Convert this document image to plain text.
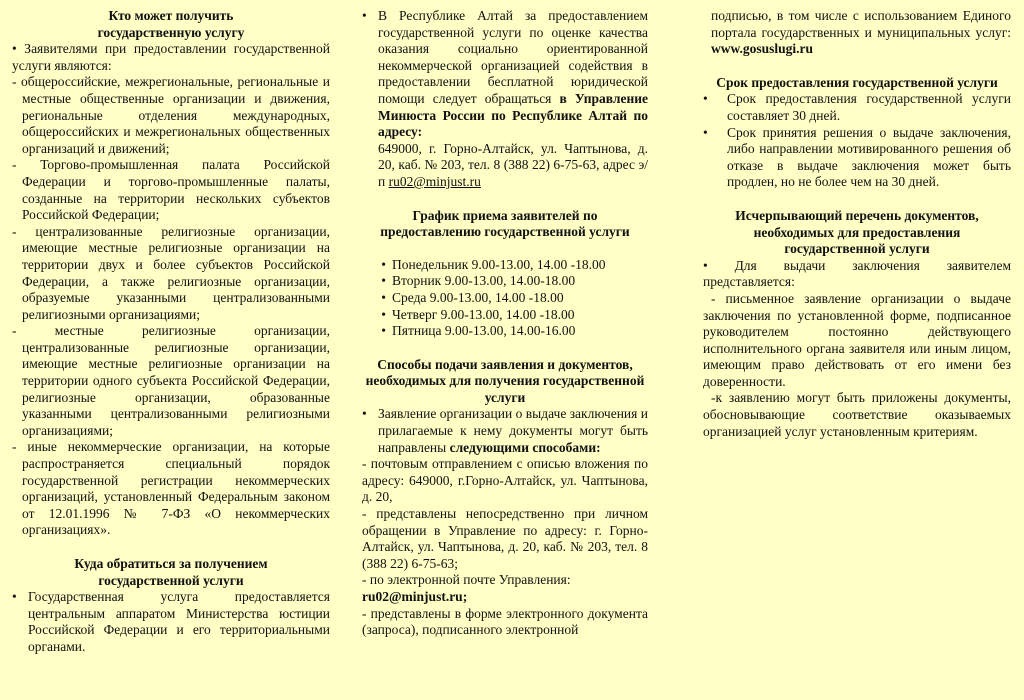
Кто может получить
государственную услугу

• Заявителями при предоставлении государственной услуги являются:

- общероссийские, межрегиональные, региональные и местные общественные организации и движения, региональные отделения международных, общероссийских и межрегиональных общественных организаций и движений;

- Торгово-промышленная палата Российской Федерации и торгово-промышленные палаты, созданные на территории нескольких субъектов Российской Федерации;

- централизованные религиозные организации, имеющие местные религиозные организации на территории двух и более субъектов Российской Федерации, а также религиозные организации, образуемые указанными централизованными религиозными организациями;

- местные религиозные организации, централизованные религиозные организации, имеющие местные религиозные организации на территории одного субъекта Российской Федерации, религиозные организации, образованные указанными централизованными религиозными организациями;

- иные некоммерческие организации, на которые распространяется специальный порядок государственной регистрации некоммерческих организаций, установленный Федеральным законом от 12.01.1996 № 7-ФЗ «О некоммерческих организациях».

Куда обратиться за получением государственной услуги

• Государственная услуга предоставляется центральным аппаратом Министерства юстиции Российской Федерации и его территориальными органами.
• В Республике Алтай за предоставлением государственной услуги по оценке качества оказания социально ориентированной некоммерческой организацией содействия в предоставлении бесплатной юридической помощи следует обращаться в Управление Минюста России по Республике Алтай по адресу:

649000, г. Горно-Алтайск, ул. Чаптынова, д. 20, каб. № 203, тел. 8 (388 22) 6-75-63, адрес э/п ru02@minjust.ru

График приема заявителей по предоставлению государственной услуги

• Понедельник 9.00-13.00, 14.00 -18.00
• Вторник 9.00-13.00, 14.00-18.00
• Среда 9.00-13.00, 14.00 -18.00
• Четверг 9.00-13.00, 14.00 -18.00
• Пятница 9.00-13.00, 14.00-16.00

Способы подачи заявления и документов, необходимых для получения государственной услуги

• Заявление организации о выдаче заключения и прилагаемые к нему документы могут быть направлены следующими способами:

- почтовым отправлением с описью вложения по адресу: 649000, г.Горно-Алтайск, ул. Чаптынова, д. 20,

- представлены непосредственно при личном обращении в Управление по адресу: г. Горно-Алтайск, ул. Чаптынова, д. 20, каб. № 203, тел. 8 (388 22) 6-75-63;

- по электронной почте Управления:

ru02@minjust.ru;

- представлены в форме электронного документа (запроса), подписанного электронной

подписью, в том числе с использованием Единого портала государственных и муниципальных услуг: www.gosuslugi.ru

Срок предоставления государственной услуги

•	Срок предоставления государственной услуги составляет 30 дней.
•	Срок принятия решения о выдаче заключения, либо направлении мотивированного решения об отказе в выдаче заключения может быть продлен, но не более чем на 30 дней.

Исчерпывающий перечень документов, необходимых для предоставления государственной услуги

• Для выдачи заключения заявителем представляется:

- письменное заявление организации о выдаче заключения по установленной форме, подписанное руководителем постоянно действующего исполнительного органа заявителя или иным лицом, имеющим право действовать от его имени без доверенности.

-к заявлению могут быть приложены документы, обосновывающие соответствие оказываемых организацией услуг установленным критериям.
